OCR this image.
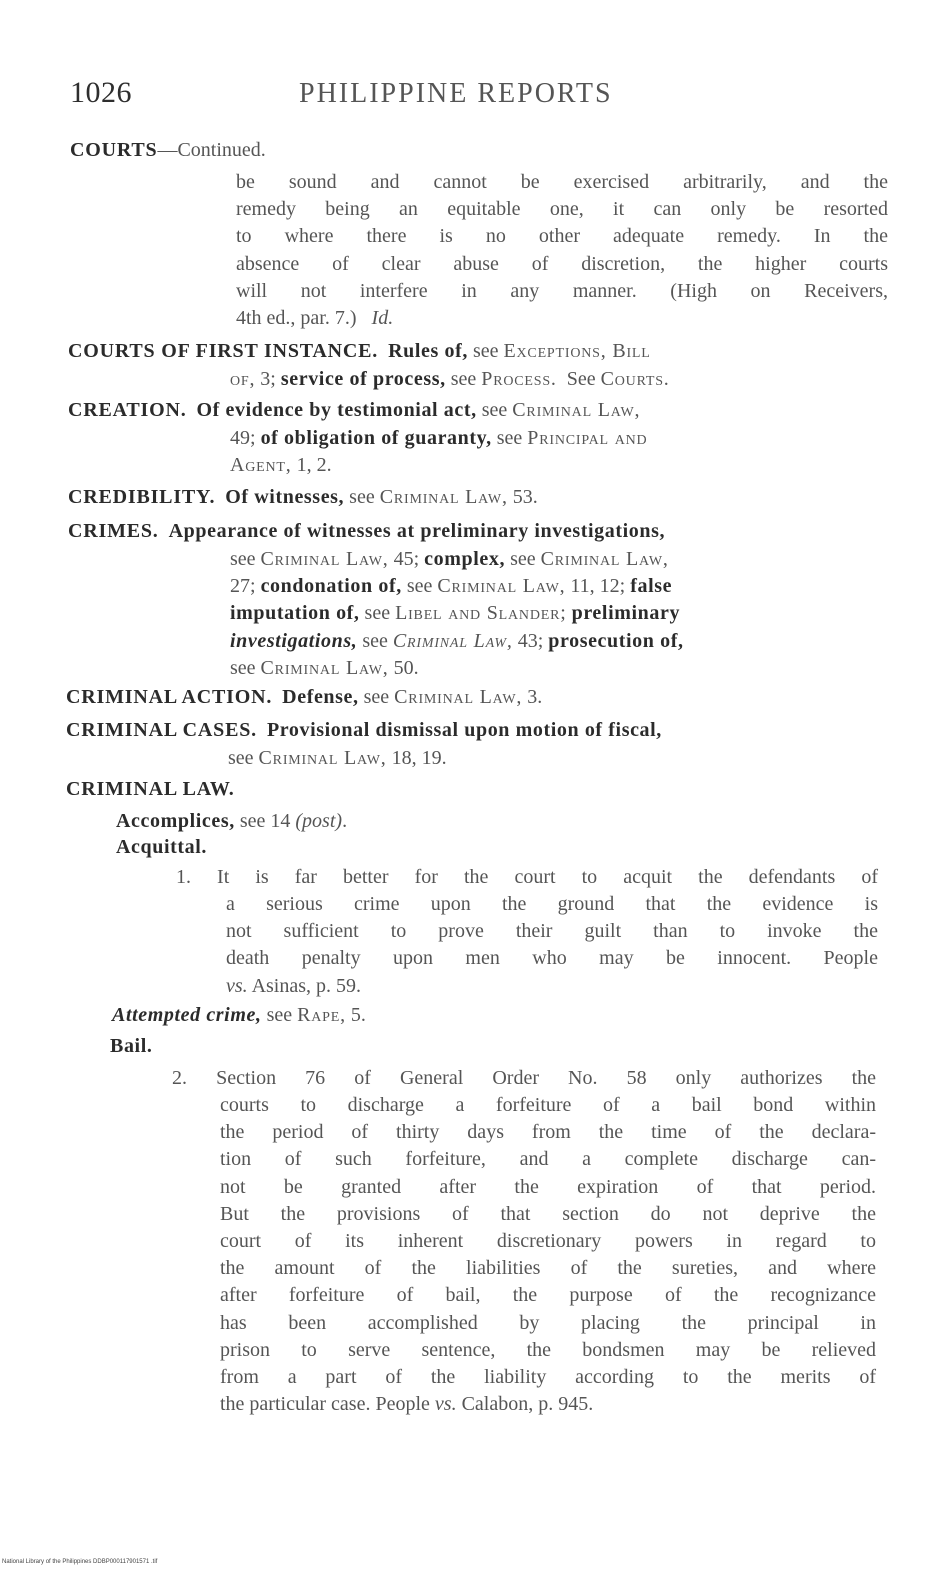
1026	PHILIPPINE REPORTS
COURTS—Continued.
be sound and cannot be exercised arbitrarily, and the
remedy being an equitable one, it can only be resorted
to where there is no other adequate remedy. In the
absence of clear abuse of discretion, the higher courts
will not interfere in any manner. (High on Receivers,
4th ed., par. 7.) Id.
COURTS OF FIRST INSTANCE. Rules of, see Exceptions, Bill
of, 3; service of process, see Process. See Courts.
CREATION. Of evidence by testimonial act, see Criminal Law,
49; of obligation of guaranty, see Principal and
Agent, 1, 2.
CREDIBILITY. Of witnesses, see Criminal Law, 53.
CRIMES. Appearance of witnesses at preliminary investigations,
see Criminal Law, 45; complex, see Criminal Law,
27; condonation of, see Criminal Law, 11, 12; false
imputation of, see Libel and Slander; preliminary
investigations, see Criminal Law, 43; prosecution of,
see Criminal Law, 50.
CRIMINAL ACTION. Defense, see Criminal Law, 3.
CRIMINAL CASES. Provisional dismissal upon motion of fiscal,
see Criminal Law, 18, 19.
CRIMINAL LAW.
Accomplices, see 14 (post).
Acquittal.
1. It is far better for the court to acquit the defendants of
a serious crime upon the ground that the evidence is
not sufficient to prove their guilt than to invoke the
death penalty upon men who may be innocent. People
vs. Asinas, p. 59.
Attempted crime, see Rape, 5.
Bail.
2. Section 76 of General Order No. 58 only authorizes the
courts to discharge a forfeiture of a bail bond within
the period of thirty days from the time of the declara-
tion of such forfeiture, and a complete discharge can-
not be granted after the expiration of that period.
But the provisions of that section do not deprive the
court of its inherent discretionary powers in regard to
the amount of the liabilities of the sureties, and where
after forfeiture of bail, the purpose of the recognizance
has been accomplished by placing the principal in
prison to serve sentence, the bondsmen may be relieved
from a part of the liability according to the merits of
the particular case. People vs. Calabon, p. 945.
National Library of the Philippines DDBP000117901571 .tif
